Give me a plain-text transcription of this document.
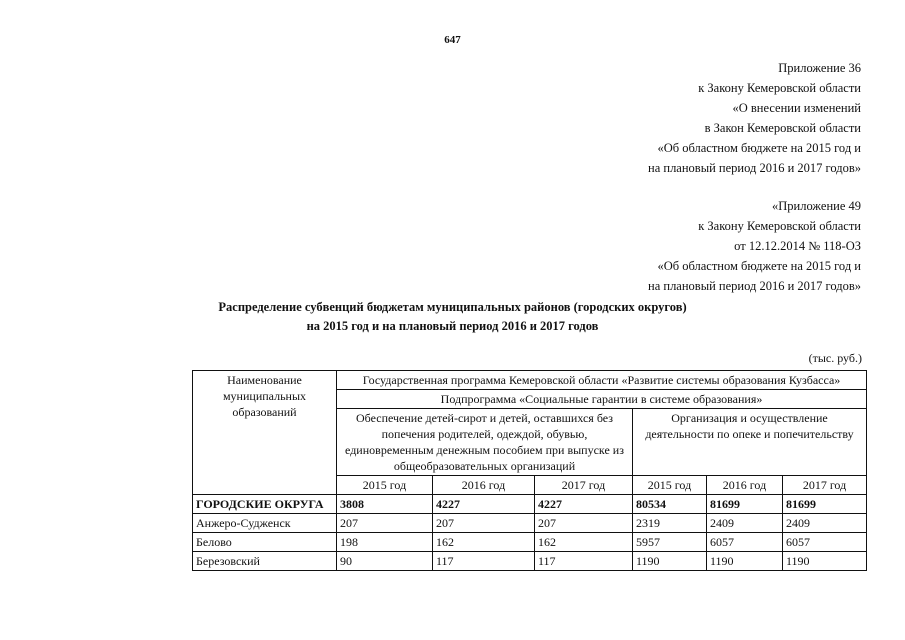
647
Приложение 36
к Закону Кемеровской области
«О внесении изменений
в Закон Кемеровской области
«Об областном бюджете на 2015 год и
на плановый период 2016 и 2017 годов»
«Приложение 49
к Закону Кемеровской области
от 12.12.2014 № 118-ОЗ
«Об областном бюджете на 2015 год и
на плановый период 2016 и 2017 годов»
Распределение субвенций бюджетам муниципальных районов (городских округов)
на 2015 год и на плановый период 2016 и 2017 годов
(тыс. руб.)
Наименование муниципальных образований	Государственная программа Кемеровской области «Развитие системы образования Кузбасса»					
	Подпрограмма «Социальные гарантии в системе образования»					
	Обеспечение детей-сирот и детей, оставшихся без попечения родителей, одеждой, обувью, единовременным денежным пособием при выпуске из общеобразовательных организаций			Организация и осуществление деятельности по опеке и попечительству		
	2015 год	2016 год	2017 год	2015 год	2016 год	2017 год
ГОРОДСКИЕ ОКРУГА	3808	4227	4227	80534	81699	81699
Анжеро-Судженск	207	207	207	2319	2409	2409
Белово	198	162	162	5957	6057	6057
Березовский	90	117	117	1190	1190	1190
